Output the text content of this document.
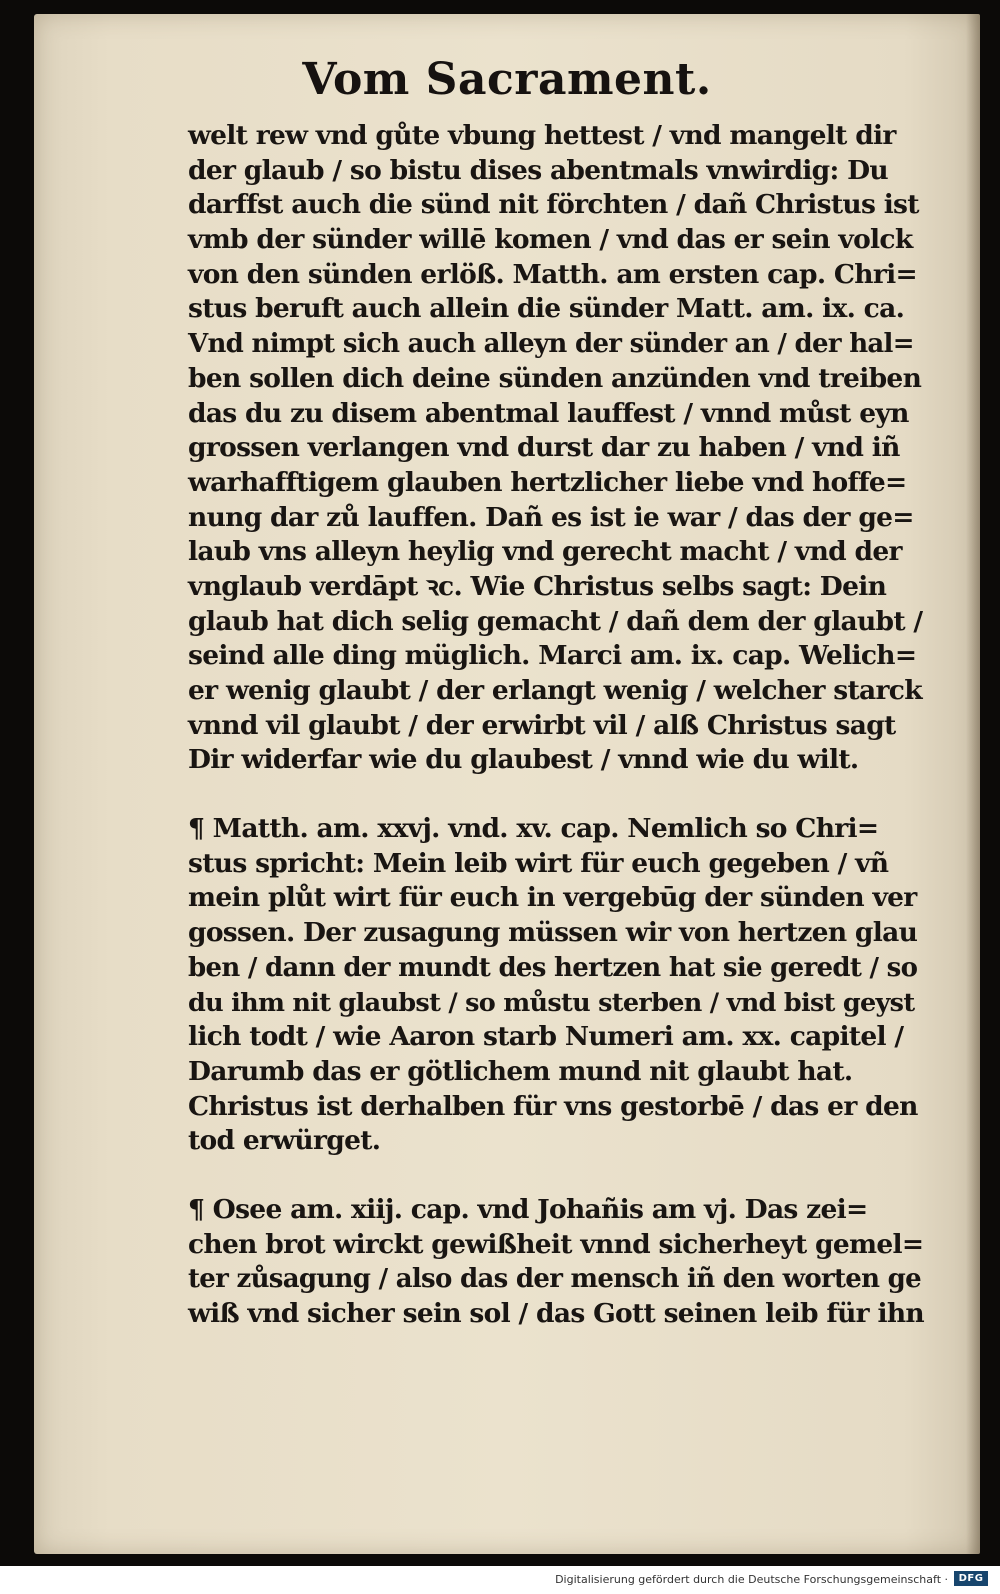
Vom Sacrament.
welt rew vnd gůte vbung hettest / vnd mangelt dir
der glaub / so bistu dises abentmals vnwirdig: Du
darffst auch die sünd nit förchten / dañ Christus ist
vmb der sünder willē komen / vnd das er sein volck
von den sünden erlöß. Matth. am ersten cap. Chri=
stus beruft auch allein die sünder Matt. am. ix. ca.
Vnd nimpt sich auch alleyn der sünder an / der hal=
ben sollen dich deine sünden anzünden vnd treiben
das du zu disem abentmal lauffest / vnnd můst eyn
grossen verlangen vnd durst dar zu haben / vnd iñ
warhafftigem glauben hertzlicher liebe vnd hoffe=
nung dar zů lauffen. Dañ es ist ie war / das der ge=
laub vns alleyn heylig vnd gerecht macht / vnd der
vnglaub verdāpt ꝛc. Wie Christus selbs sagt: Dein
glaub hat dich selig gemacht / dañ dem der glaubt /
seind alle ding müglich. Marci am. ix. cap. Welich=
er wenig glaubt / der erlangt wenig / welcher starck
vnnd vil glaubt / der erwirbt vil / alß Christus sagt
Dir widerfar wie du glaubest / vnnd wie du wilt.
¶ Matth. am. xxvj. vnd. xv. cap. Nemlich so Chri=
stus spricht: Mein leib wirt für euch gegeben / vñ
mein plůt wirt für euch in vergebūg der sünden ver
gossen. Der zusagung müssen wir von hertzen glau
ben / dann der mundt des hertzen hat sie geredt / so
du ihm nit glaubst / so můstu sterben / vnd bist geyst
lich todt / wie Aaron starb Numeri am. xx. capitel /
Darumb das er götlichem mund nit glaubt hat.
Christus ist derhalben für vns gestorbē / das er den
tod erwürget.
¶ Osee am. xiij. cap. vnd Johañis am vj. Das zei=
chen brot wirckt gewißheit vnnd sicherheyt gemel=
ter zůsagung / also das der mensch iñ den worten ge
wiß vnd sicher sein sol / das Gott seinen leib für ihn
Digitalisierung gefördert durch die Deutsche Forschungsgemeinschaft ·	DFG
